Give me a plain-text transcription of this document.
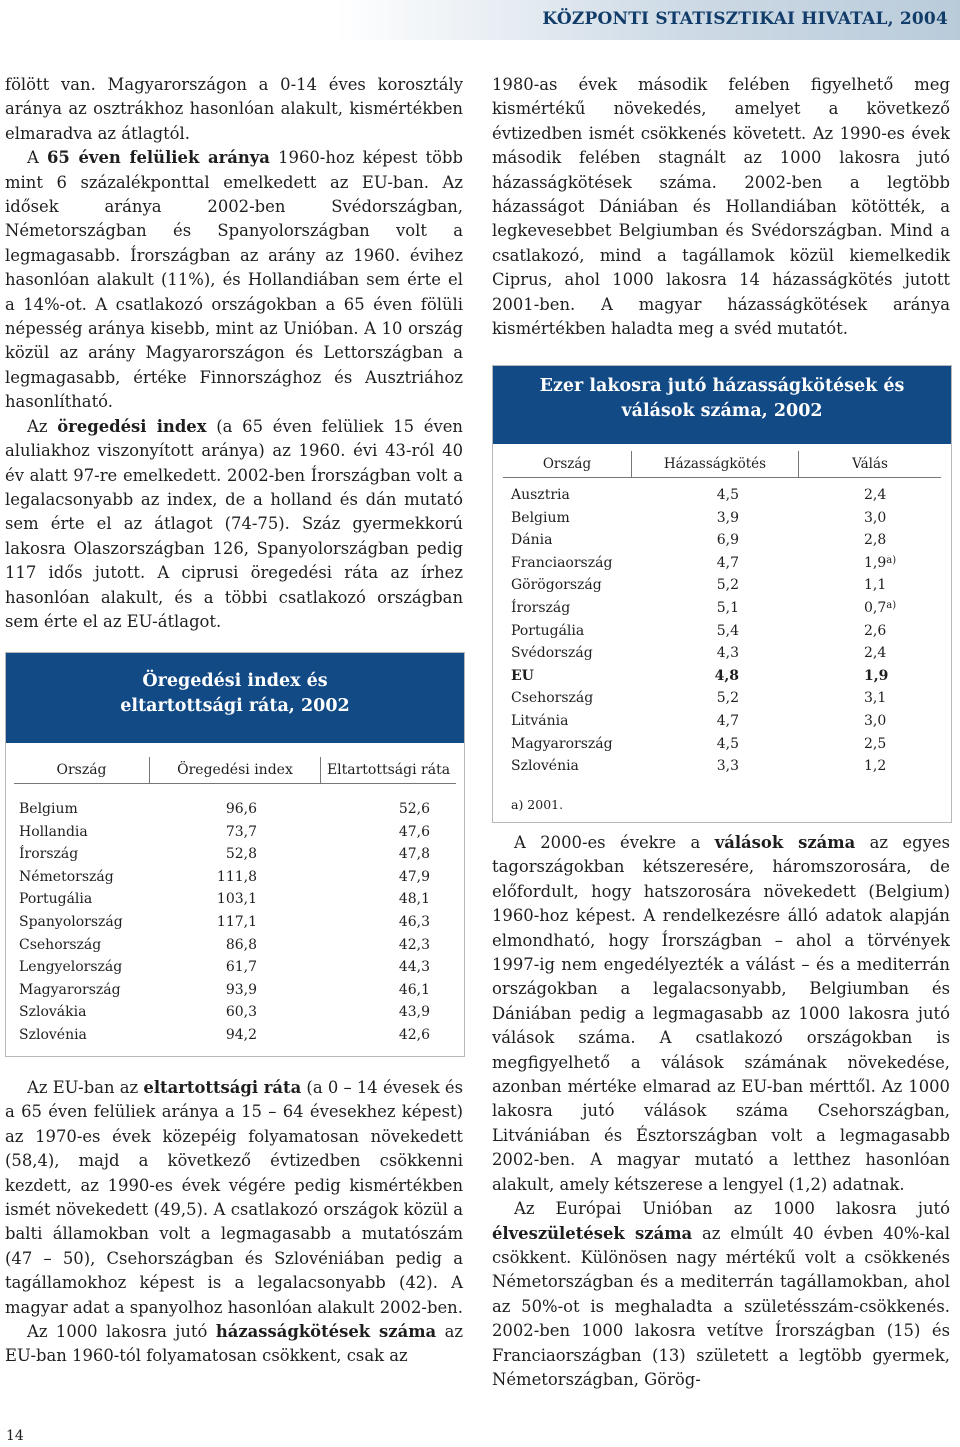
KÖZPONTI STATISZTIKAI HIVATAL, 2004

fölött van. Magyarországon a 0-14 éves korosztály aránya az osztrákhoz hasonlóan alakult, kismértékben elmaradva az átlagtól.

A 65 éven felüliek aránya 1960-hoz képest több mint 6 százalékponttal emelkedett az EU-ban. Az idősek aránya 2002-ben Svédországban, Németországban és Spanyolországban volt a legmagasabb. Írországban az arány az 1960. évihez hasonlóan alakult (11%), és Hollandiában sem érte el a 14%-ot. A csatlakozó országokban a 65 éven fölüli népesség aránya kisebb, mint az Unióban. A 10 ország közül az arány Magyarországon és Lettországban a legmagasabb, értéke Finnországhoz és Ausztriához hasonlítható.

Az öregedési index (a 65 éven felüliek 15 éven aluliakhoz viszonyított aránya) az 1960. évi 43-ról 40 év alatt 97-re emelkedett. 2002-ben Írországban volt a legalacsonyabb az index, de a holland és dán mutató sem érte el az átlagot (74-75). Száz gyermekkorú lakosra Olaszországban 126, Spanyolországban pedig 117 idős jutott. A ciprusi öregedési ráta az írhez hasonlóan alakult, és a többi csatlakozó országban sem érte el az EU-átlagot.

Öregedési index és
eltartottsági ráta, 2002
Ország	Öregedési index	Eltartottsági ráta
Belgium	96,6	52,6
Hollandia	73,7	47,6
Írország	52,8	47,8
Németország	111,8	47,9
Portugália	103,1	48,1
Spanyolország	117,1	46,3
Csehország	86,8	42,3
Lengyelország	61,7	44,3
Magyarország	93,9	46,1
Szlovákia	60,3	43,9
Szlovénia	94,2	42,6

Az EU-ban az eltartottsági ráta (a 0 – 14 évesek és a 65 éven felüliek aránya a 15 – 64 évesekhez képest) az 1970-es évek közepéig folyamatosan növekedett (58,4), majd a következő évtizedben csökkenni kezdett, az 1990-es évek végére pedig kismértékben ismét növekedett (49,5). A csatlakozó országok közül a balti államokban volt a legmagasabb a mutatószám (47 – 50), Csehországban és Szlovéniában pedig a tagállamokhoz képest is a legalacsonyabb (42). A magyar adat a spanyolhoz hasonlóan alakult 2002-ben.

Az 1000 lakosra jutó házasságkötések száma az EU-ban 1960-tól folyamatosan csökkent, csak az

1980-as évek második felében figyelhető meg kismértékű növekedés, amelyet a következő évtizedben ismét csökkenés követett. Az 1990-es évek második felében stagnált az 1000 lakosra jutó házasságkötések száma. 2002-ben a legtöbb házasságot Dániában és Hollandiában kötötték, a legkevesebbet Belgiumban és Svédországban. Mind a csatlakozó, mind a tagállamok közül kiemelkedik Ciprus, ahol 1000 lakosra 14 házasságkötés jutott 2001-ben. A magyar házasságkötések aránya kismértékben haladta meg a svéd mutatót.

Ezer lakosra jutó házasságkötések és
válások száma, 2002
Ország	Házasságkötés	Válás
Ausztria	4,5	2,4
Belgium	3,9	3,0
Dánia	6,9	2,8
Franciaország	4,7	1,9$^{a)}$
Görögország	5,2	1,1
Írország	5,1	0,7$^{a)}$
Portugália	5,4	2,6
Svédország	4,3	2,4
EU	4,8	1,9
Csehország	5,2	3,1
Litvánia	4,7	3,0
Magyarország	4,5	2,5
Szlovénia	3,3	1,2
a) 2001.

A 2000-es évekre a válások száma az egyes tagországokban kétszeresére, háromszorosára, de előfordult, hogy hatszorosára növekedett (Belgium) 1960-hoz képest. A rendelkezésre álló adatok alapján elmondható, hogy Írországban – ahol a törvények 1997-ig nem engedélyezték a válást – és a mediterrán országokban a legalacsonyabb, Belgiumban és Dániában pedig a legmagasabb az 1000 lakosra jutó válások száma. A csatlakozó országokban is megfigyelhető a válások számának növekedése, azonban mértéke elmarad az EU-ban mérttől. Az 1000 lakosra jutó válások száma Csehországban, Litvániában és Észtországban volt a legmagasabb 2002-ben. A magyar mutató a letthez hasonlóan alakult, amely kétszerese a lengyel (1,2) adatnak.

Az Európai Unióban az 1000 lakosra jutó élveszületések száma az elmúlt 40 évben 40%-kal csökkent. Különösen nagy mértékű volt a csökkenés Németországban és a mediterrán tagállamokban, ahol az 50%-ot is meghaladta a születésszám-csökkenés. 2002-ben 1000 lakosra vetítve Írországban (15) és Franciaországban (13) született a legtöbb gyermek, Németországban, Görög-

14
